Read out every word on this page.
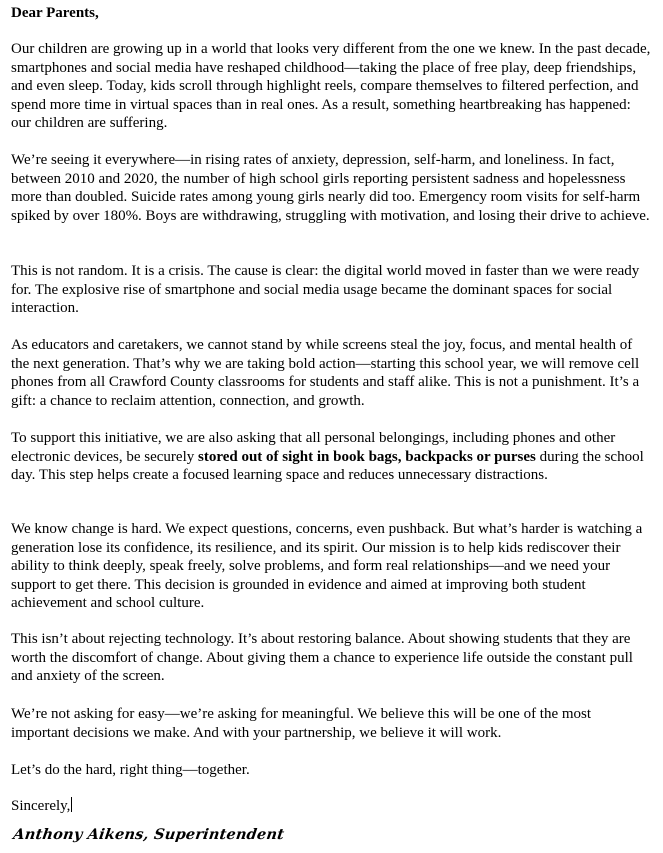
Dear Parents,

Our children are growing up in a world that looks very different from the one we knew. In the past decade, smartphones and social media have reshaped childhood—taking the place of free play, deep friendships, and even sleep. Today, kids scroll through highlight reels, compare themselves to filtered perfection, and spend more time in virtual spaces than in real ones. As a result, something heartbreaking has happened: our children are suffering.

We’re seeing it everywhere—in rising rates of anxiety, depression, self-harm, and loneliness. In fact, between 2010 and 2020, the number of high school girls reporting persistent sadness and hopelessness more than doubled. Suicide rates among young girls nearly did too. Emergency room visits for self-harm spiked by over 180%. Boys are withdrawing, struggling with motivation, and losing their drive to achieve.

This is not random. It is a crisis. The cause is clear: the digital world moved in faster than we were ready for. The explosive rise of smartphone and social media usage became the dominant spaces for social interaction.

As educators and caretakers, we cannot stand by while screens steal the joy, focus, and mental health of the next generation. That’s why we are taking bold action—starting this school year, we will remove cell phones from all Crawford County classrooms for students and staff alike. This is not a punishment. It’s a gift: a chance to reclaim attention, connection, and growth.

To support this initiative, we are also asking that all personal belongings, including phones and other electronic devices, be securely stored out of sight in book bags, backpacks or purses during the school day. This step helps create a focused learning space and reduces unnecessary distractions.

We know change is hard. We expect questions, concerns, even pushback. But what’s harder is watching a generation lose its confidence, its resilience, and its spirit. Our mission is to help kids rediscover their ability to think deeply, speak freely, solve problems, and form real relationships—and we need your support to get there. This decision is grounded in evidence and aimed at improving both student achievement and school culture.

This isn’t about rejecting technology. It’s about restoring balance. About showing students that they are worth the discomfort of change. About giving them a chance to experience life outside the constant pull and anxiety of the screen.

We’re not asking for easy—we’re asking for meaningful. We believe this will be one of the most important decisions we make. And with your partnership, we believe it will work.

Let’s do the hard, right thing—together.

Sincerely,

Anthony Aikens, Superintendent
